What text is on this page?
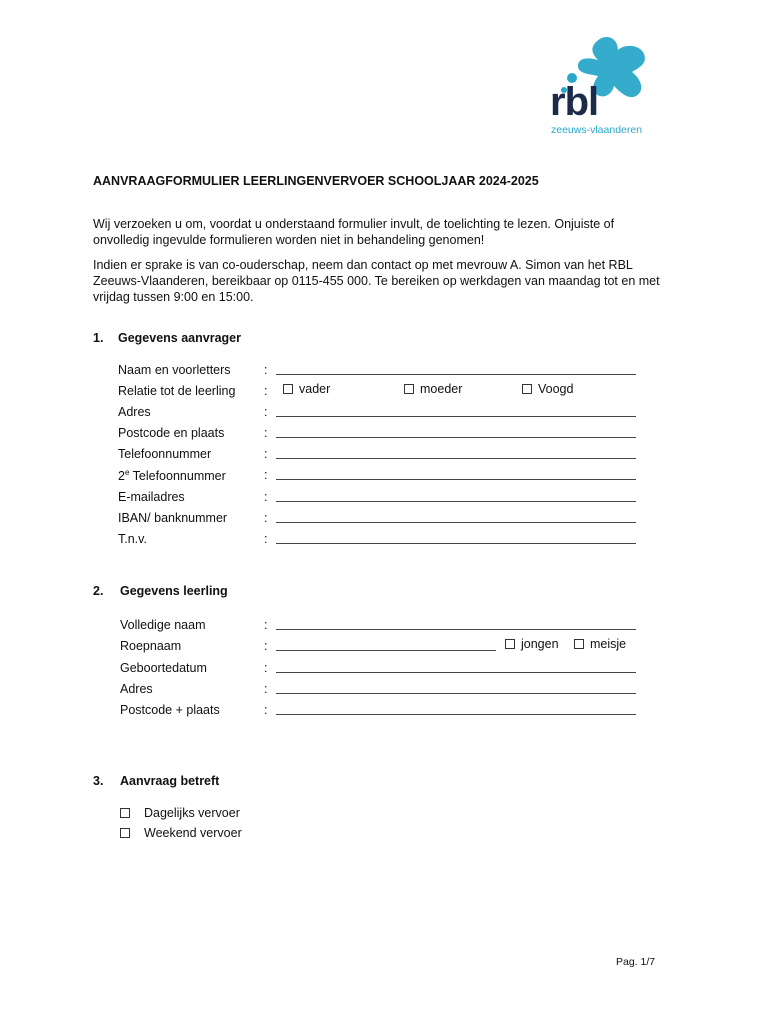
rbl
zeeuws-vlaanderen
AANVRAAGFORMULIER LEERLINGENVERVOER SCHOOLJAAR 2024-2025
Wij verzoeken u om, voordat u onderstaand formulier invult, de toelichting te lezen. Onjuiste of onvolledig ingevulde formulieren worden niet in behandeling genomen!
Indien er sprake is van co-ouderschap, neem dan contact op met mevrouw A. Simon van het RBL Zeeuws-Vlaanderen, bereikbaar op 0115-455 000. Te bereiken op werkdagen van maandag tot en met vrijdag tussen 9:00 en 15:00.
1. Gegevens aanvrager
Naam en voorletters	:
Relatie tot de leerling :	vader	moeder	Voogd
Adres	:
Postcode en plaats	:
Telefoonnummer	:
2e Telefoonnummer	:
E-mailadres	:
IBAN/ banknummer	:
T.n.v.	:
2. Gegevens leerling
Volledige naam	:
Roepnaam	:	jongen	meisje
Geboortedatum	:
Adres	:
Postcode + plaats	:
3. Aanvraag betreft
Dagelijks vervoer
Weekend vervoer
Pag. 1/7
